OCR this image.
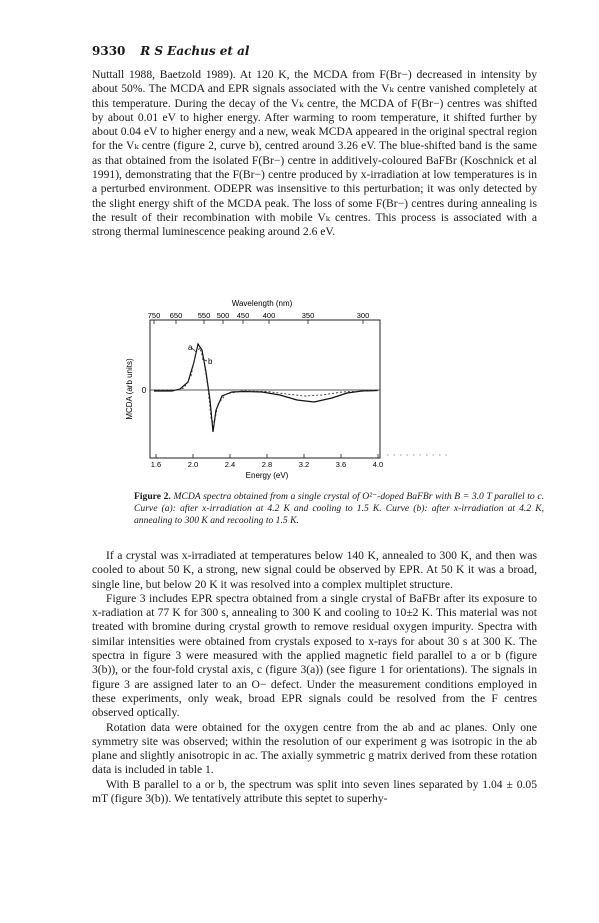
9330 R S Eachus et al

Nuttall 1988, Baetzold 1989). At 120 K, the MCDA from F(Br−) decreased in intensity by about 50%. The MCDA and EPR signals associated with the Vₖ centre vanished completely at this temperature. During the decay of the Vₖ centre, the MCDA of F(Br−) centres was shifted by about 0.01 eV to higher energy. After warming to room temperature, it shifted further by about 0.04 eV to higher energy and a new, weak MCDA appeared in the original spectral region for the Vₖ centre (figure 2, curve b), centred around 3.26 eV. The blue-shifted band is the same as that obtained from the isolated F(Br−) centre in additively-coloured BaFBr (Koschnick et al 1991), demonstrating that the F(Br−) centre produced by x-irradiation at low temperatures is in a perturbed environment. ODEPR was insensitive to this perturbation; it was only detected by the slight energy shift of the MCDA peak. The loss of some F(Br−) centres during annealing is the result of their recombination with mobile Vₖ centres. This process is associated with a strong thermal luminescence peaking around 2.6 eV.

Wavelength (nm)
750 650 550 500 450 400	350	300
1.6	2.0	2.4	2.8	3.2	3.6	4.0
Energy (eV)
MCDA (arb units) 0
a
b
Figure 2. MCDA spectra obtained from a single crystal of O²⁻-doped BaFBr with B = 3.0 T parallel to c. Curve (a): after x-irradiation at 4.2 K and cooling to 1.5 K. Curve (b): after x-irradiation at 4.2 K, annealing to 300 K and recooling to 1.5 K.

If a crystal was x-irradiated at temperatures below 140 K, annealed to 300 K, and then was cooled to about 50 K, a strong, new signal could be observed by EPR. At 50 K it was a broad, single line, but below 20 K it was resolved into a complex multiplet structure.

Figure 3 includes EPR spectra obtained from a single crystal of BaFBr after its exposure to x-radiation at 77 K for 300 s, annealing to 300 K and cooling to 10±2 K. This material was not treated with bromine during crystal growth to remove residual oxygen impurity. Spectra with similar intensities were obtained from crystals exposed to x-rays for about 30 s at 300 K. The spectra in figure 3 were measured with the applied magnetic field parallel to a or b (figure 3(b)), or the four-fold crystal axis, c (figure 3(a)) (see figure 1 for orientations). The signals in figure 3 are assigned later to an O− defect. Under the measurement conditions employed in these experiments, only weak, broad EPR signals could be resolved from the F centres observed optically.

Rotation data were obtained for the oxygen centre from the ab and ac planes. Only one symmetry site was observed; within the resolution of our experiment g was isotropic in the ab plane and slightly anisotropic in ac. The axially symmetric g matrix derived from these rotation data is included in table 1.

With B parallel to a or b, the spectrum was split into seven lines separated by 1.04 ± 0.05 mT (figure 3(b)). We tentatively attribute this septet to superhy-
